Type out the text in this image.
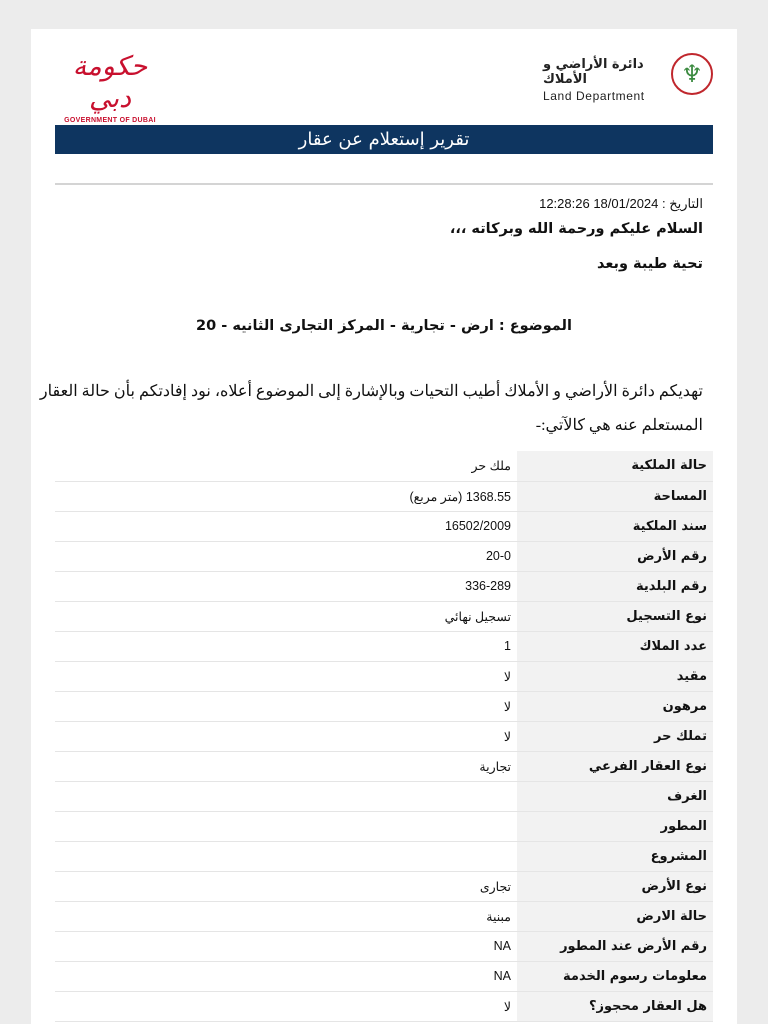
♆
دائرة الأراضي و الأملاك
Land Department
حكومة دبي
GOVERNMENT OF DUBAI
تقرير إستعلام عن عقار
التاريخ : 18/01/2024 12:28:26
السلام عليكم ورحمة الله وبركاته ،،،
تحية طيبة وبعد
الموضوع : ارض - تجارية - المركز التجارى الثانيه - 20
تهديكم دائرة الأراضي و الأملاك أطيب التحيات وبالإشارة إلى الموضوع أعلاه، نود إفادتكم بأن حالة العقار
المستعلم عنه هي كالآتي:-
حالة الملكية	ملك حر
المساحة	1368.55 (متر مربع)
سند الملكية	16502/2009
رقم الأرض	20-0
رقم البلدية	336-289
نوع التسجيل	تسجيل نهائي
عدد الملاك	1
مقيد	لا
مرهون	لا
تملك حر	لا
نوع العقار الفرعي	تجارية
الغرف	
المطور	
المشروع	
نوع الأرض	تجارى
حالة الارض	مبنية
رقم الأرض عند المطور	NA
معلومات رسوم الخدمة	NA
هل العقار محجوز؟	لا
